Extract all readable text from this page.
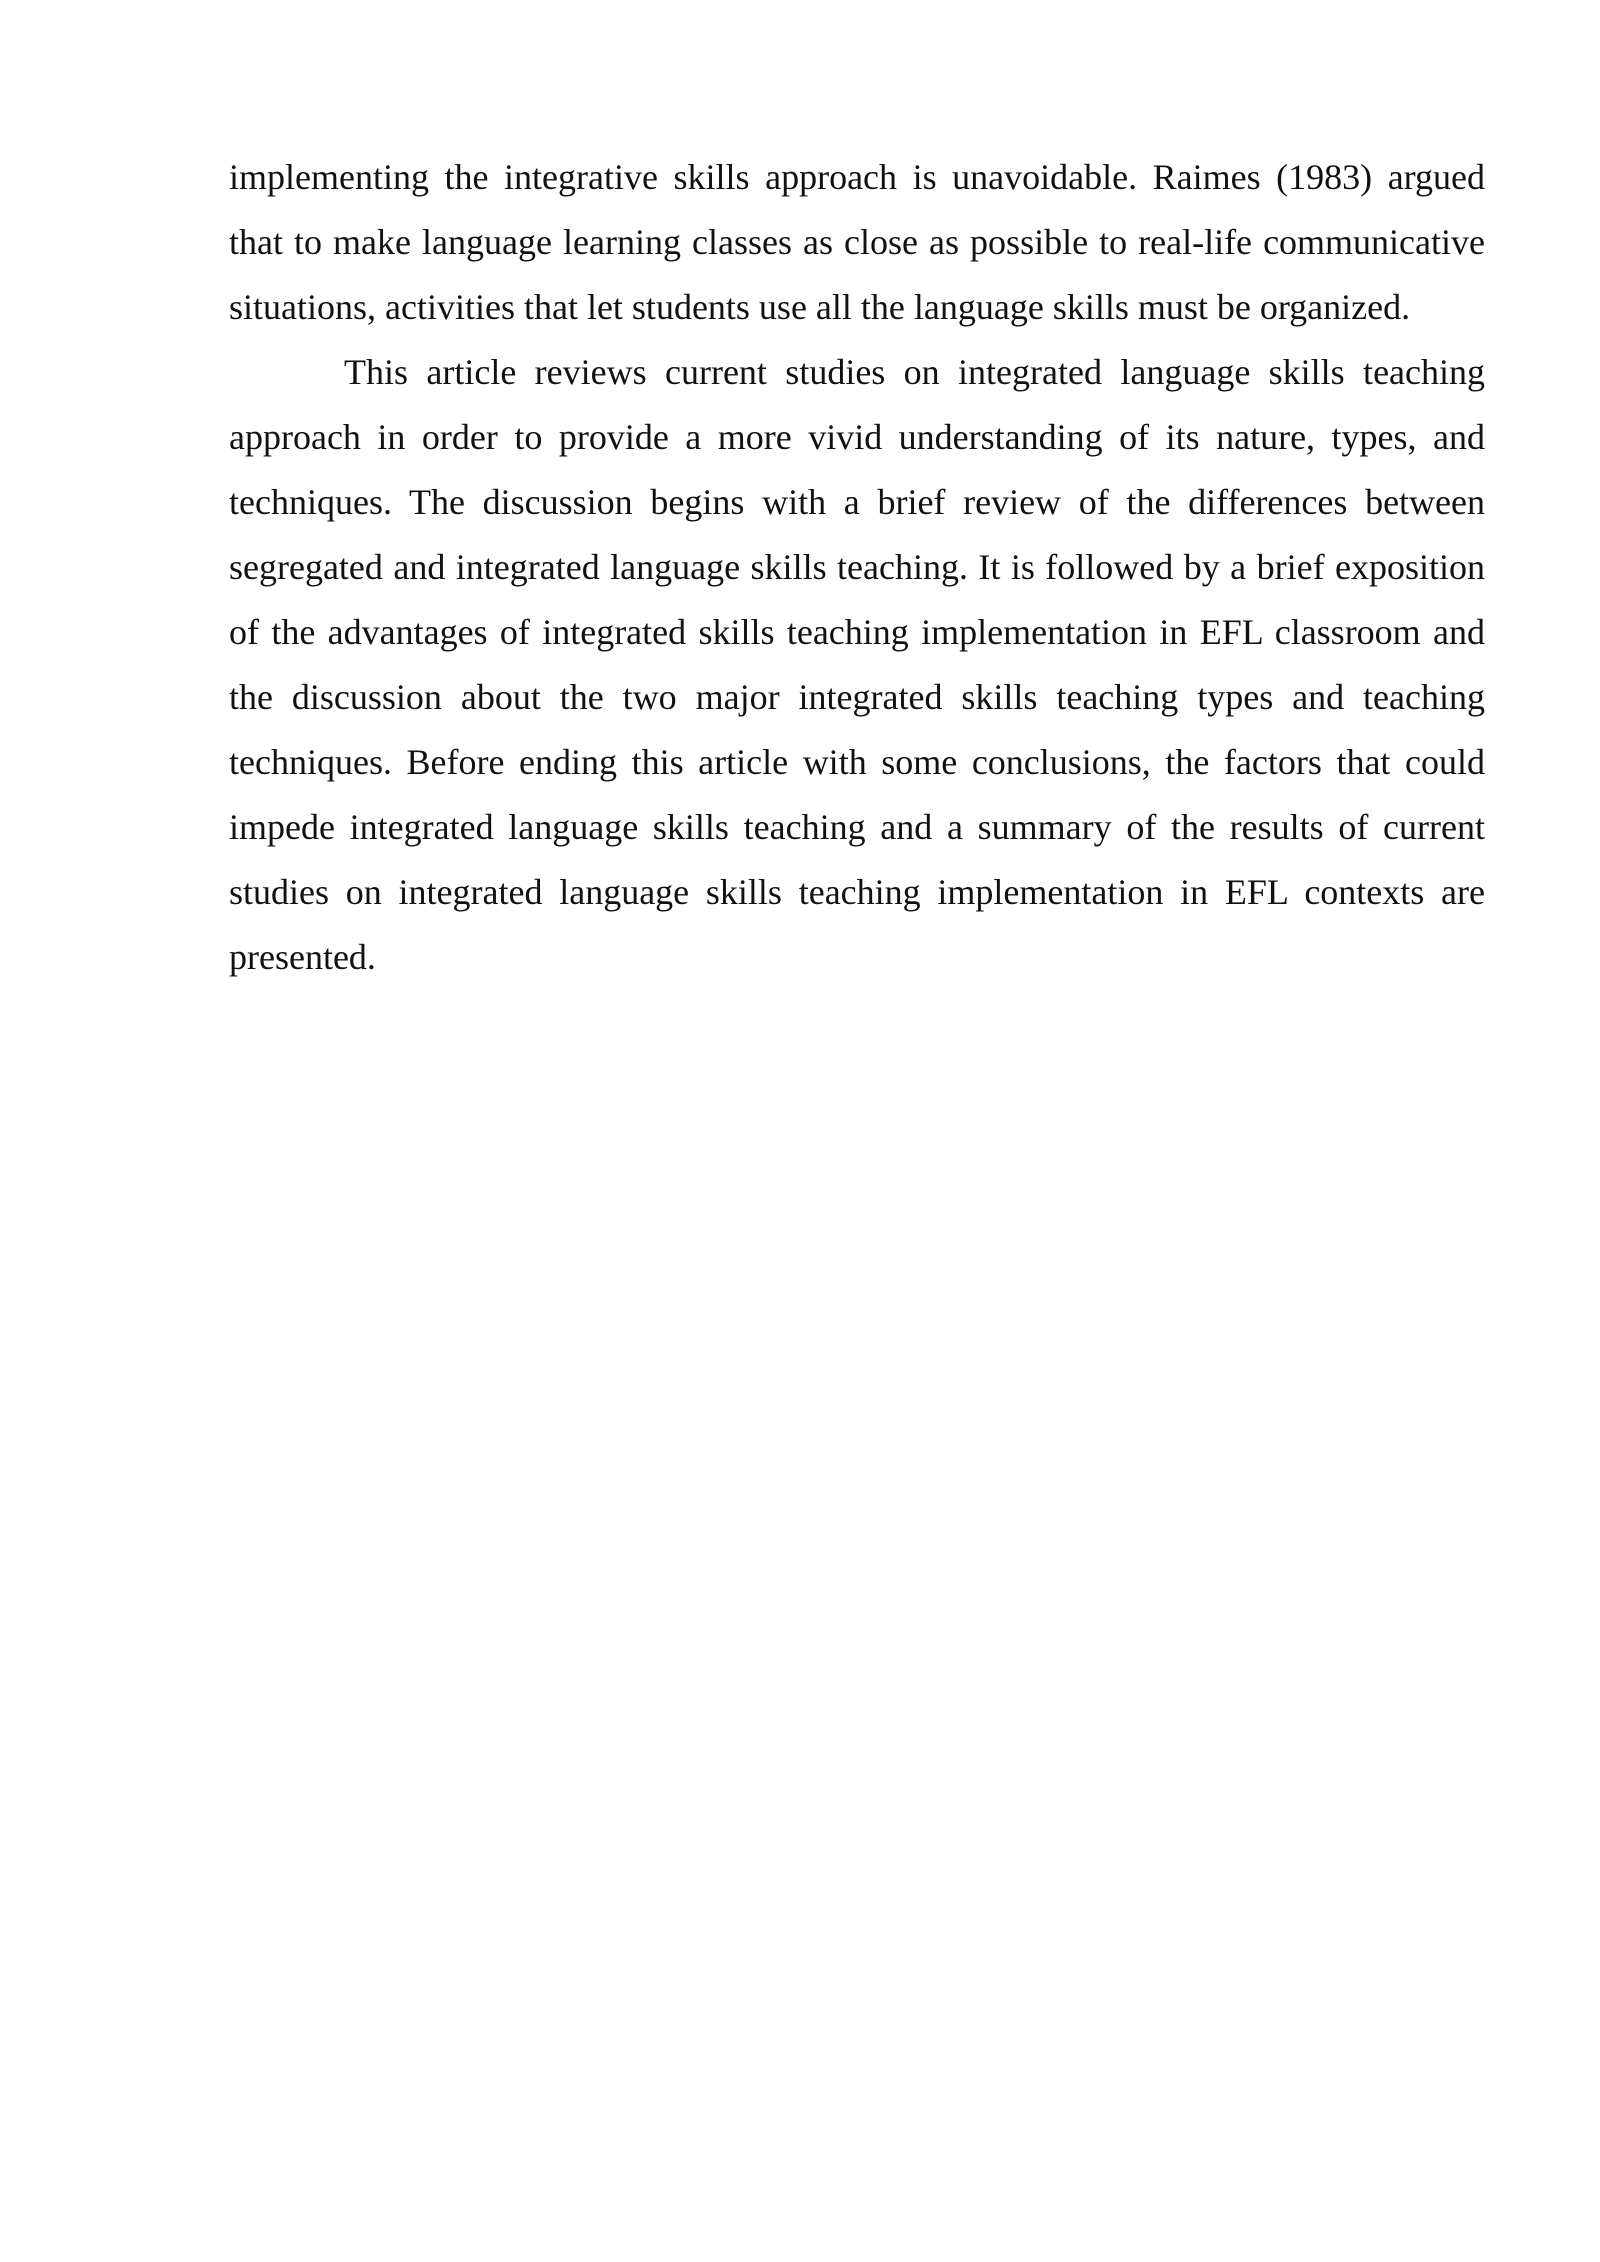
implementing the integrative skills approach is unavoidable. Raimes (1983) argued that to make language learning classes as close as possible to real-life communicative situations, activities that let students use all the language skills must be organized.

This article reviews current studies on integrated language skills teaching approach in order to provide a more vivid understanding of its nature, types, and techniques. The discussion begins with a brief review of the differences between segregated and integrated language skills teaching. It is followed by a brief exposition of the advantages of integrated skills teaching implementation in EFL classroom and the discussion about the two major integrated skills teaching types and teaching techniques. Before ending this article with some conclusions, the factors that could impede integrated language skills teaching and a summary of the results of current studies on integrated language skills teaching implementation in EFL contexts are presented.
